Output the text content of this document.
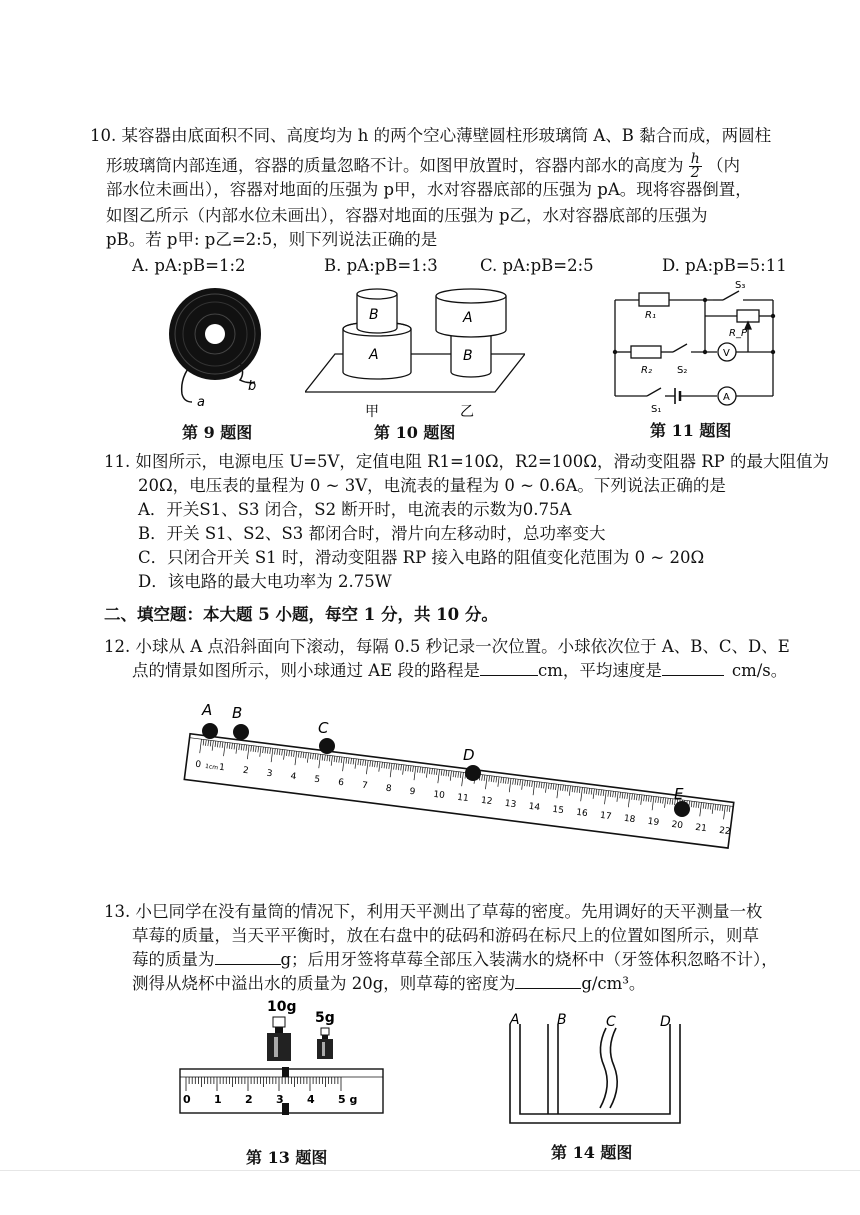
10. 某容器由底面积不同、高度均为 h 的两个空心薄壁圆柱形玻璃筒 A、B 黏合而成，两圆柱
形玻璃筒内部连通，容器的质量忽略不计。如图甲放置时，容器内部水的高度为 $\frac{h}{2}$ （内
部水位未画出），容器对地面的压强为 p甲，水对容器底部的压强为 pA。现将容器倒置，
如图乙所示（内部水位未画出），容器对地面的压强为 p乙，水对容器底部的压强为
pB。若 p甲: p乙=2:5，则下列说法正确的是
A. pA:pB=1:2	B. pA:pB=1:3	C. pA:pB=2:5	D. pA:pB=5:11
a
b
第 9 题图
B
A
A
B
甲	乙
第 10 题图
R₁
R₂
R_P
S₃
S₂
S₁
V
A
第 11 题图
11. 如图所示，电源电压 U=5V，定值电阻 R1=10Ω，R2=100Ω，滑动变阻器 RP 的最大阻值为
20Ω，电压表的量程为 0 ~ 3V，电流表的量程为 0 ~ 0.6A。下列说法正确的是
A．开关S1、S3 闭合，S2 断开时，电流表的示数为0.75A
B．开关 S1、S2、S3 都闭合时，滑片向左移动时，总功率变大
C．只闭合开关 S1 时，滑动变阻器 RP 接入电路的阻值变化范围为 0 ~ 20Ω
D．该电路的最大电功率为 2.75W
二、填空题：本大题 5 小题，每空 1 分，共 10 分。
12. 小球从 A 点沿斜面向下滚动，每隔 0.5 秒记录一次位置。小球依次位于 A、B、C、D、E
点的情景如图所示，则小球通过 AE 段的路程是	cm，平均速度是	cm/s。
0 1 2 3 4 5 6 7 8 9 10 11 12 13 14 15 16 17 18 19 20 21 22
1cm
A B
C
D
E
13. 小巳同学在没有量筒的情况下，利用天平测出了草莓的密度。先用调好的天平测量一枚
草莓的质量，当天平平衡时，放在右盘中的砝码和游码在标尺上的位置如图所示，则草
莓的质量为	g；后用牙签将草莓全部压入装满水的烧杯中（牙签体积忽略不计），
测得从烧杯中溢出水的质量为 20g，则草莓的密度为	g/cm³。
10g
5g
0 1 2 3 4 5 g
第 13 题图
A	B	C	D
第 14 题图
